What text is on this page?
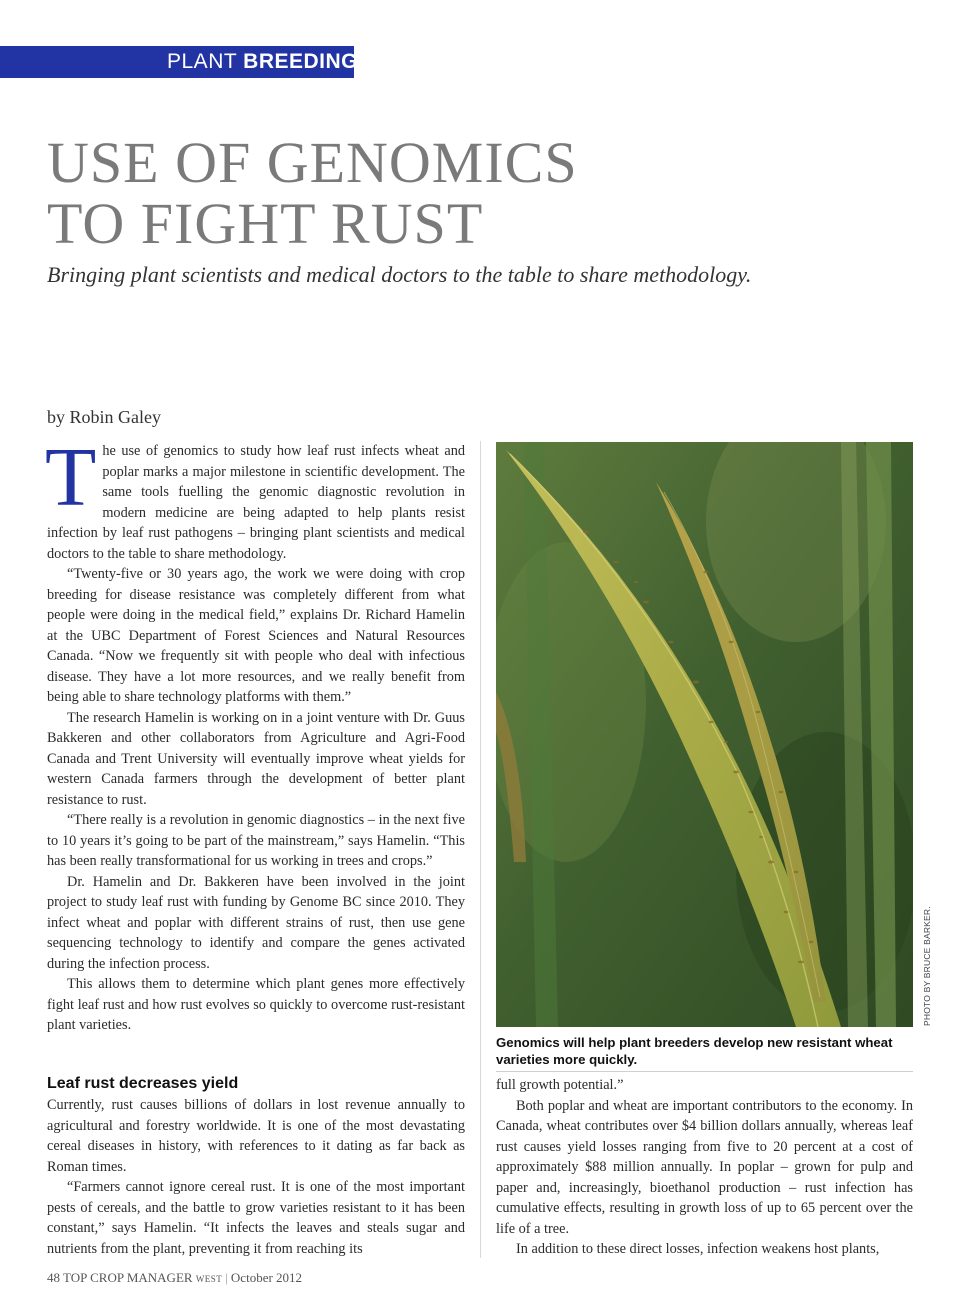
PLANT BREEDING
USE OF GENOMICS
TO FIGHT RUST

Bringing plant scientists and medical doctors to the table to share methodology.

by Robin Galey

The use of genomics to study how leaf rust infects wheat and poplar marks a major milestone in scientific development. The same tools fuelling the genomic diagnostic revolution in modern medicine are being adapted to help plants resist infection by leaf rust pathogens – bringing plant scientists and medical doctors to the table to share methodology.

“Twenty-five or 30 years ago, the work we were doing with crop breeding for disease resistance was completely different from what people were doing in the medical field,” explains Dr. Richard Hamelin at the UBC Department of Forest Sciences and Natural Resources Canada. “Now we frequently sit with people who deal with infectious disease. They have a lot more resources, and we really benefit from being able to share technology platforms with them.”

The research Hamelin is working on in a joint venture with Dr. Guus Bakkeren and other collaborators from Agriculture and Agri-Food Canada and Trent University will eventually improve wheat yields for western Canada farmers through the development of better plant resistance to rust.

“There really is a revolution in genomic diagnostics – in the next five to 10 years it’s going to be part of the mainstream,” says Hamelin. “This has been really transformational for us working in trees and crops.”

Dr. Hamelin and Dr. Bakkeren have been involved in the joint project to study leaf rust with funding by Genome BC since 2010. They infect wheat and poplar with different strains of rust, then use gene sequencing technology to identify and compare the genes activated during the infection process.

This allows them to determine which plant genes more effectively fight leaf rust and how rust evolves so quickly to overcome rust-resistant plant varieties.

Leaf rust decreases yield

Currently, rust causes billions of dollars in lost revenue annually to agricultural and forestry worldwide. It is one of the most devastating cereal diseases in history, with references to it dating as far back as Roman times.

“Farmers cannot ignore cereal rust. It is one of the most important pests of cereals, and the battle to grow varieties resistant to it has been constant,” says Hamelin. “It infects the leaves and steals sugar and nutrients from the plant, preventing it from reaching its

PHOTO BY BRUCE BARKER.
Genomics will help plant breeders develop new resistant wheat varieties more quickly.

full growth potential.”

Both poplar and wheat are important contributors to the economy. In Canada, wheat contributes over $4 billion dollars annually, whereas leaf rust causes yield losses ranging from five to 20 percent at a cost of approximately $88 million annually. In poplar – grown for pulp and paper and, increasingly, bioethanol production – rust infection has cumulative effects, resulting in growth loss of up to 65 percent over the life of a tree.

In addition to these direct losses, infection weakens host plants,

48 TOP CROP MANAGER WEST | October 2012
